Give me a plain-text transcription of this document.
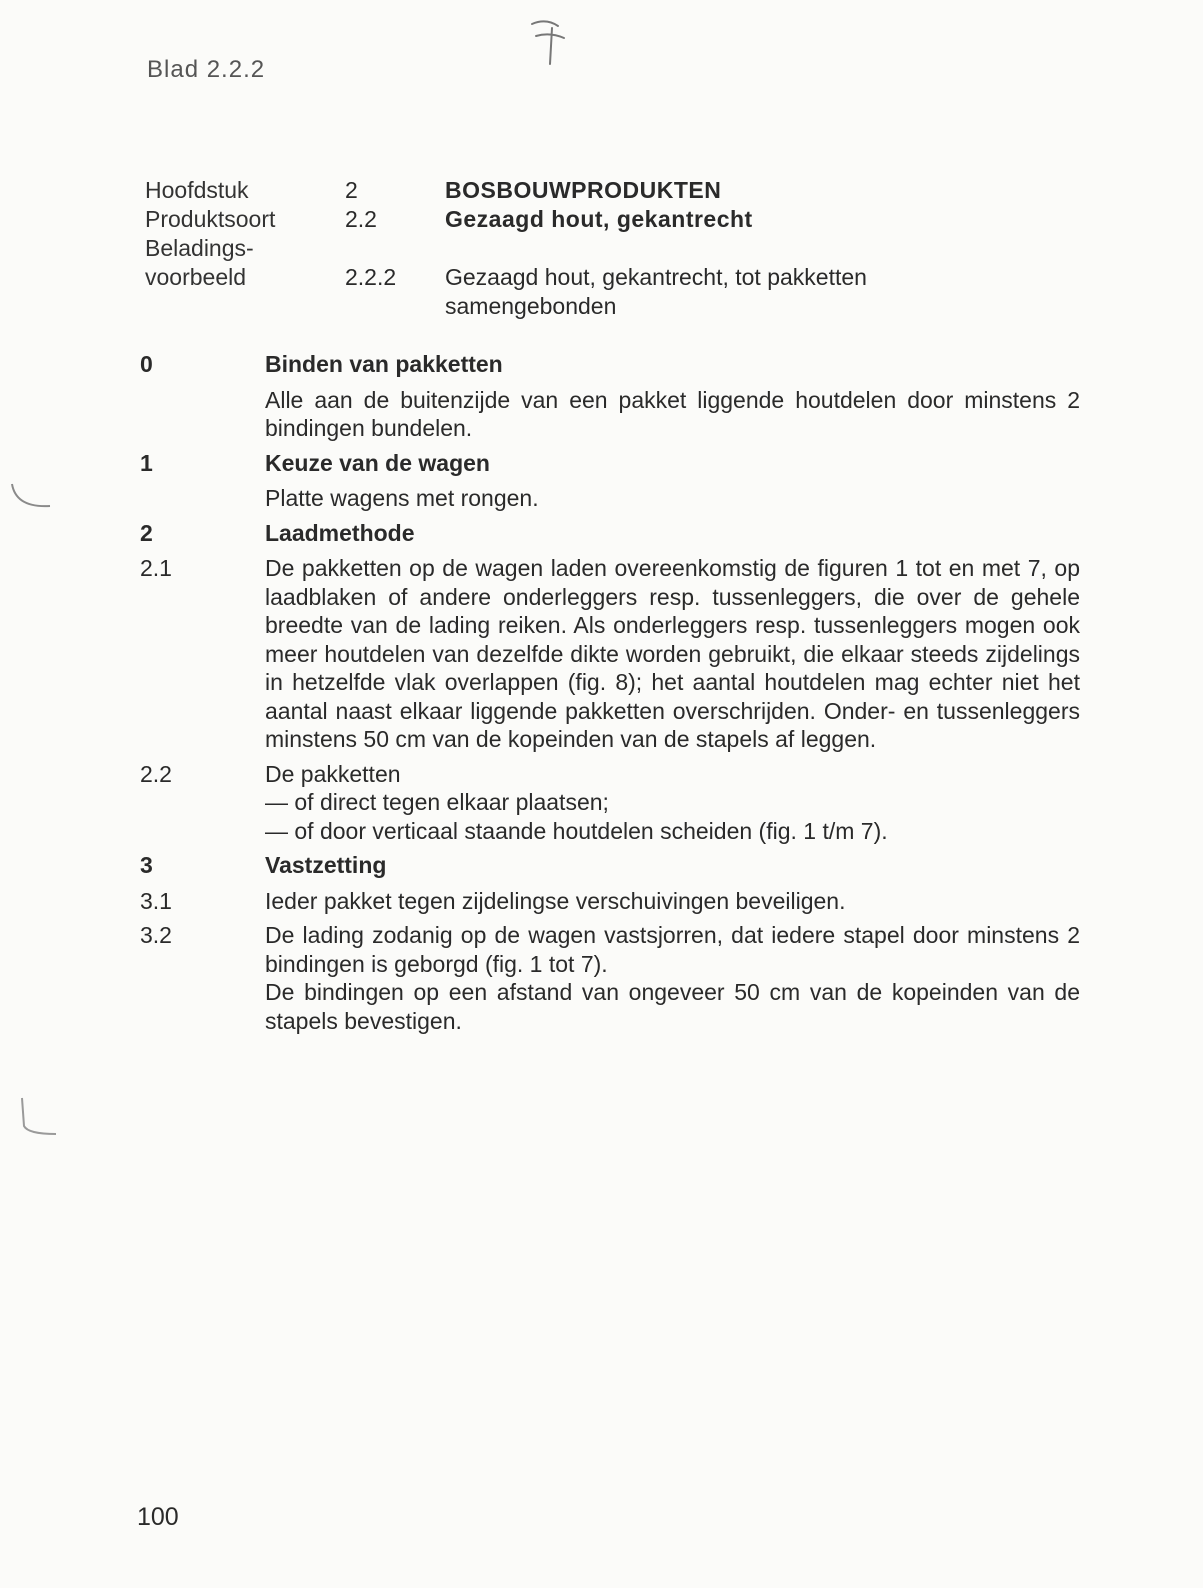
Blad 2.2.2
Hoofdstuk	2	BOSBOUWPRODUKTEN
Produktsoort	2.2	Gezaagd hout, gekantrecht
Beladings-
voorbeeld	2.2.2 Gezaagd hout, gekantrecht, tot pakketten
samengebonden
0	Binden van pakketten
Alle aan de buitenzijde van een pakket liggende houtdelen door minstens 2 bindingen bundelen.
1	Keuze van de wagen
Platte wagens met rongen.
2	Laadmethode
2.1	De pakketten op de wagen laden overeenkomstig de figuren 1 tot en met 7, op laadblaken of andere onderleggers resp. tussenleggers, die over de gehele breedte van de lading reiken. Als onderleggers resp. tussenleggers mogen ook meer houtdelen van dezelfde dikte worden gebruikt, die elkaar steeds zijdelings in hetzelfde vlak overlappen (fig. 8); het aantal houtdelen mag echter niet het aantal naast elkaar liggende pakketten overschrijden. Onder- en tussenleggers minstens 50 cm van de kopeinden van de stapels af leggen.
2.2	De pakketten
— of direct tegen elkaar plaatsen;
— of door verticaal staande houtdelen scheiden (fig. 1 t/m 7).
3	Vastzetting
3.1	Ieder pakket tegen zijdelingse verschuivingen beveiligen.
3.2	De lading zodanig op de wagen vastsjorren, dat iedere stapel door minstens 2 bindingen is geborgd (fig. 1 tot 7).
De bindingen op een afstand van ongeveer 50 cm van de kopeinden van de stapels bevestigen.
100
